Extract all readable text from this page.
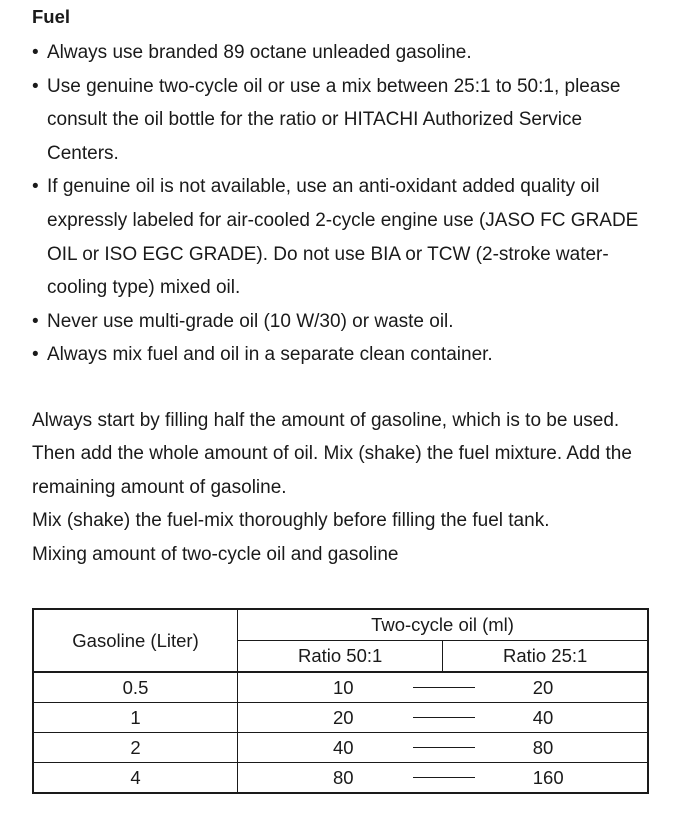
Fuel
• Always use branded 89 octane unleaded gasoline.
• Use genuine two-cycle oil or use a mix between 25:1 to 50:1, please consult the oil bottle for the ratio or HITACHI Authorized Service Centers.
• If genuine oil is not available, use an anti-oxidant added quality oil expressly labeled for air-cooled 2-cycle engine use (JASO FC GRADE OIL or ISO EGC GRADE). Do not use BIA or TCW (2-stroke water-cooling type) mixed oil.
• Never use multi-grade oil (10 W/30) or waste oil.
• Always mix fuel and oil in a separate clean container.

Always start by filling half the amount of gasoline, which is to be used.

Then add the whole amount of oil. Mix (shake) the fuel mixture. Add the remaining amount of gasoline.

Mix (shake) the fuel-mix thoroughly before filling the fuel tank.

Mixing amount of two-cycle oil and gasoline

Gasoline (Liter)	Two-cycle oil (ml)	
	Ratio 50:1	Ratio 25:1
0.5	10	20
1	20	40
2	40	80
4	80	160
